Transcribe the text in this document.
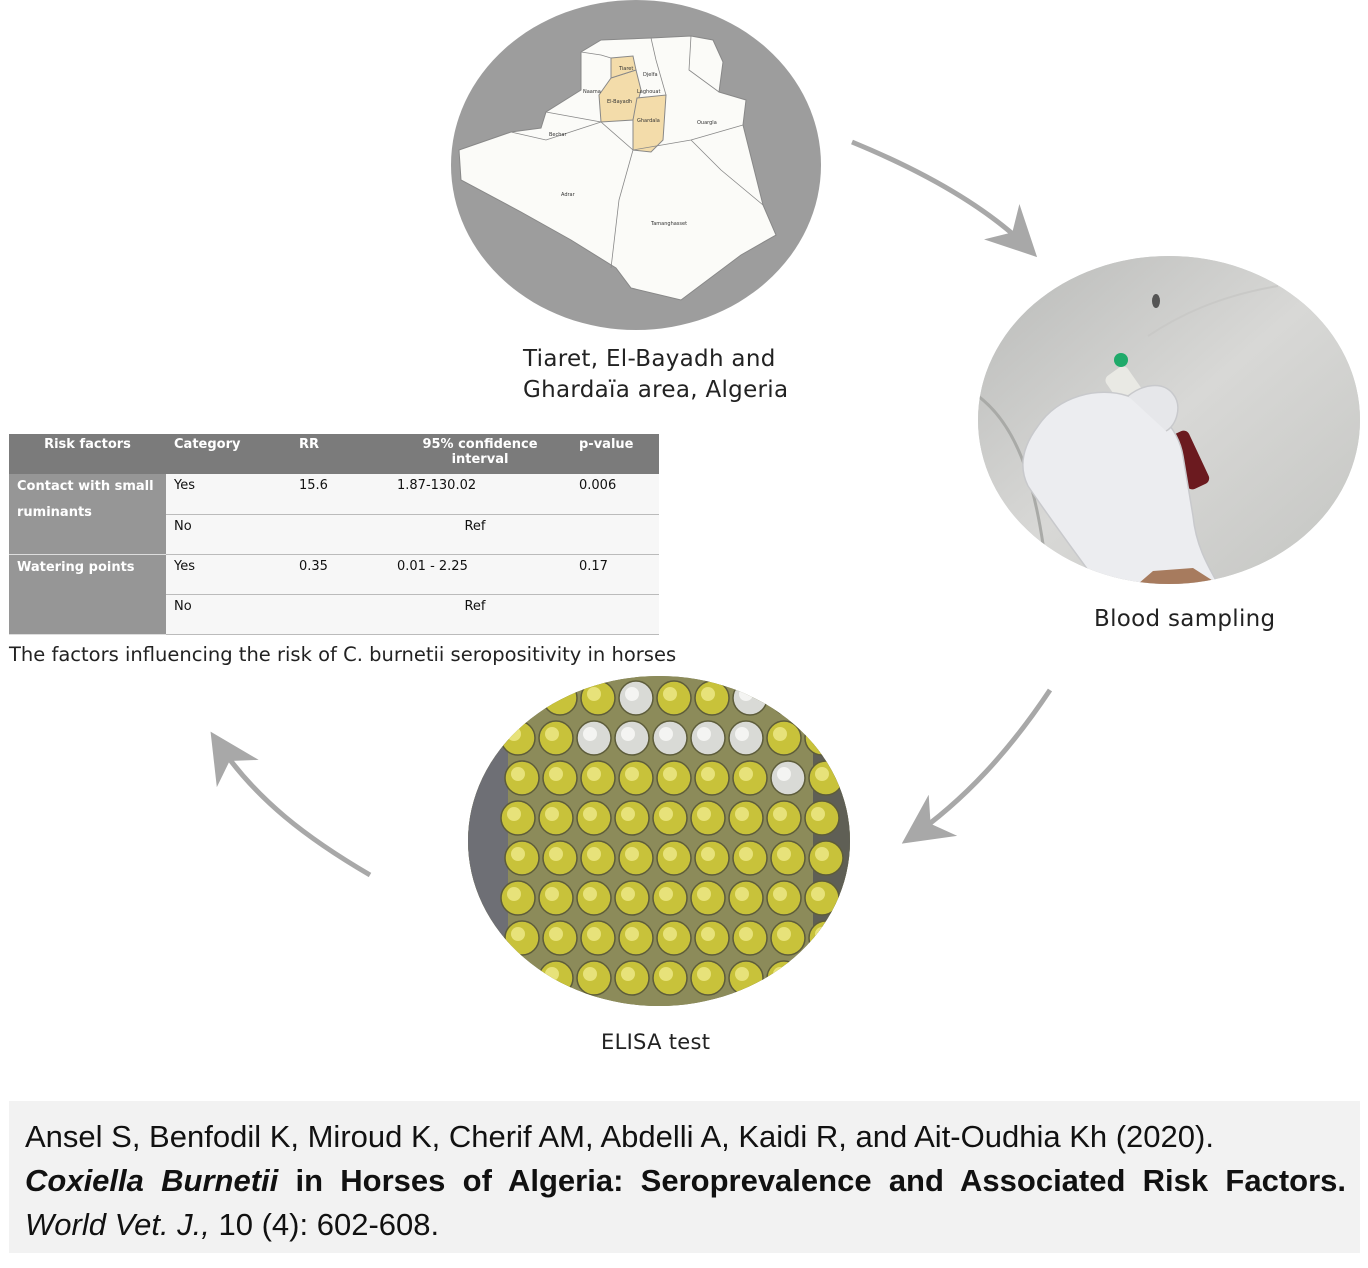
Tiaret
El-Bayadh
Ghardaïa
Laghouat
Naama
Djelfa
Ouargla
Bechar
Adrar
Tamanghasset
Tiaret, El-Bayadh and
Ghardaïa area, Algeria
Blood sampling
Risk factors	Category	RR	95% confidence interval	p-value
Contact with small ruminants	Yes	15.6	1.87-130.02	0.006
	No	Ref		
Watering points	Yes	0.35	0.01 - 2.25	0.17
	No	Ref		
The factors influencing the risk of C. burnetii seropositivity in horses
ELISA test
Ansel S, Benfodil K, Miroud K, Cherif AM, Abdelli A, Kaidi R, and Ait-Oudhia Kh (2020).
Coxiella Burnetii in Horses of Algeria: Seroprevalence and Associated Risk Factors.
World Vet. J., 10 (4): 602-608.
